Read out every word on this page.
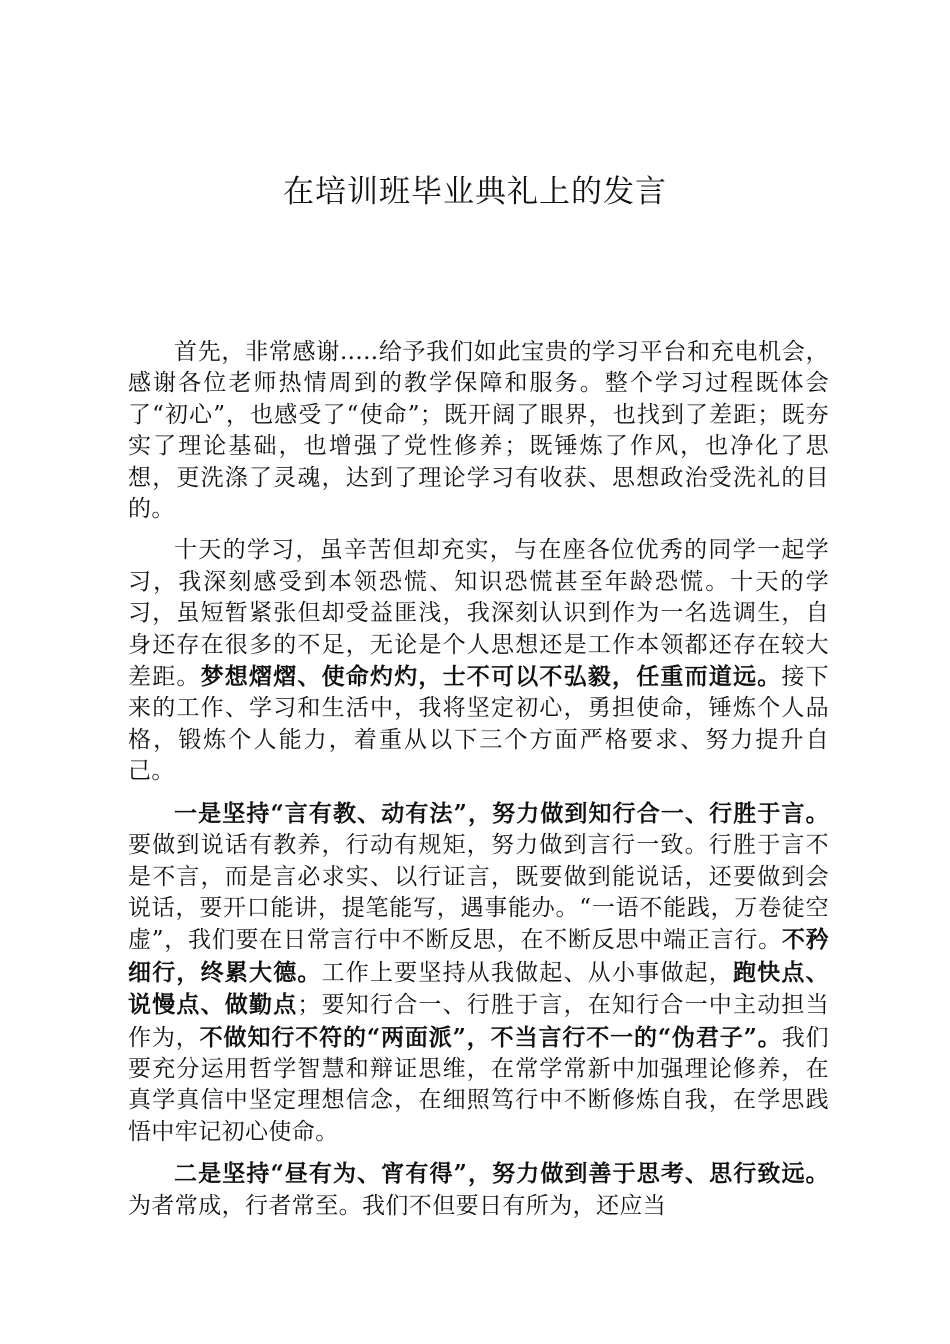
在培训班毕业典礼上的发言

首先，非常感谢.....给予我们如此宝贵的学习平台和充电机会，感谢各位老师热情周到的教学保障和服务。整个学习过程既体会了“初心”，也感受了“使命”；既开阔了眼界，也找到了差距；既夯实了理论基础，也增强了党性修养；既锤炼了作风，也净化了思想，更洗涤了灵魂，达到了理论学习有收获、思想政治受洗礼的目的。

十天的学习，虽辛苦但却充实，与在座各位优秀的同学一起学习，我深刻感受到本领恐慌、知识恐慌甚至年龄恐慌。十天的学习，虽短暂紧张但却受益匪浅，我深刻认识到作为一名选调生，自身还存在很多的不足，无论是个人思想还是工作本领都还存在较大差距。梦想熠熠、使命灼灼，士不可以不弘毅，任重而道远。接下来的工作、学习和生活中，我将坚定初心，勇担使命，锤炼个人品格，锻炼个人能力，着重从以下三个方面严格要求、努力提升自己。

一是坚持“言有教、动有法”，努力做到知行合一、行胜于言。要做到说话有教养，行动有规矩，努力做到言行一致。行胜于言不是不言，而是言必求实、以行证言，既要做到能说话，还要做到会说话，要开口能讲，提笔能写，遇事能办。“一语不能践，万卷徒空虚”，我们要在日常言行中不断反思，在不断反思中端正言行。不矜细行，终累大德。工作上要坚持从我做起、从小事做起，跑快点、说慢点、做勤点；要知行合一、行胜于言，在知行合一中主动担当作为，不做知行不符的“两面派”，不当言行不一的“伪君子”。我们要充分运用哲学智慧和辩证思维，在常学常新中加强理论修养，在真学真信中坚定理想信念，在细照笃行中不断修炼自我，在学思践悟中牢记初心使命。

二是坚持“昼有为、宵有得”，努力做到善于思考、思行致远。为者常成，行者常至。我们不但要日有所为，还应当
